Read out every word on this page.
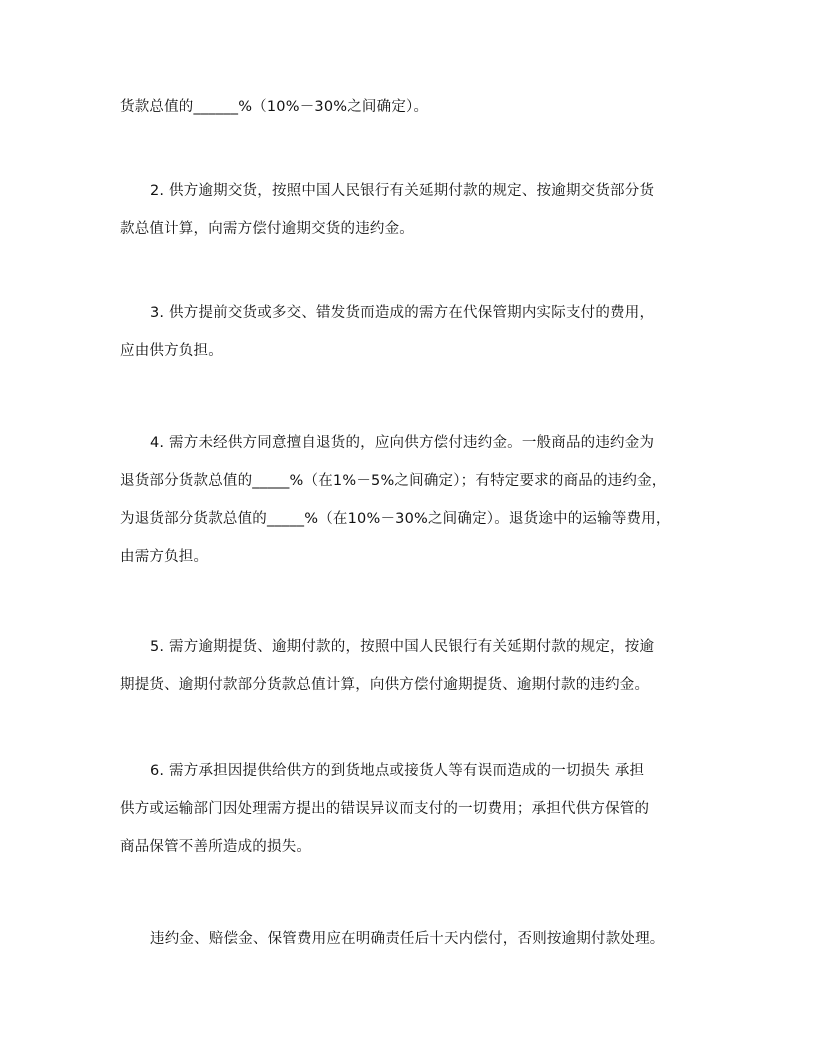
货款总值的______%（10%－30%之间确定）。
2. 供方逾期交货，按照中国人民银行有关延期付款的规定、按逾期交货部分货
款总值计算，向需方偿付逾期交货的违约金。
3. 供方提前交货或多交、错发货而造成的需方在代保管期内实际支付的费用，
应由供方负担。
4. 需方未经供方同意擅自退货的，应向供方偿付违约金。一般商品的违约金为
退货部分货款总值的_____%（在1%－5%之间确定）；有特定要求的商品的违约金，
为退货部分货款总值的_____%（在10%－30%之间确定）。退货途中的运输等费用，
由需方负担。
5. 需方逾期提货、逾期付款的，按照中国人民银行有关延期付款的规定，按逾
期提货、逾期付款部分货款总值计算，向供方偿付逾期提货、逾期付款的违约金。
6. 需方承担因提供给供方的到货地点或接货人等有误而造成的一切损失 承担
供方或运输部门因处理需方提出的错误异议而支付的一切费用；承担代供方保管的
商品保管不善所造成的损失。
违约金、赔偿金、保管费用应在明确责任后十天内偿付，否则按逾期付款处理。
